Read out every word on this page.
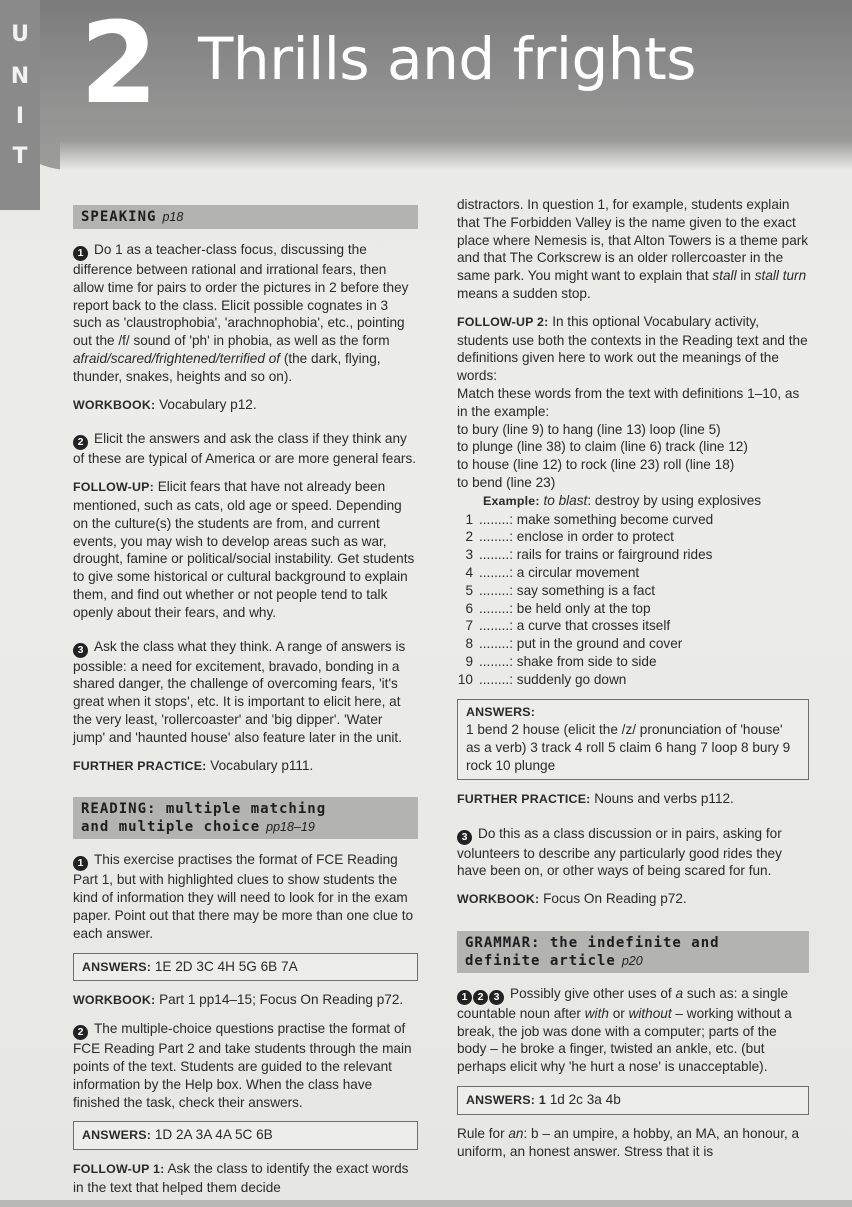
U
N
I
T
2 Thrills and frights
SPEAKING p18

1 Do 1 as a teacher-class focus, discussing the difference between rational and irrational fears, then allow time for pairs to order the pictures in 2 before they report back to the class. Elicit possible cognates in 3 such as 'claustrophobia', 'arachnophobia', etc., pointing out the /f/ sound of 'ph' in phobia, as well as the form afraid/scared/frightened/terrified of (the dark, flying, thunder, snakes, heights and so on).

WORKBOOK: Vocabulary p12.

2 Elicit the answers and ask the class if they think any of these are typical of America or are more general fears.

FOLLOW-UP: Elicit fears that have not already been mentioned, such as cats, old age or speed. Depending on the culture(s) the students are from, and current events, you may wish to develop areas such as war, drought, famine or political/social instability. Get students to give some historical or cultural background to explain them, and find out whether or not people tend to talk openly about their fears, and why.

3 Ask the class what they think. A range of answers is possible: a need for excitement, bravado, bonding in a shared danger, the challenge of overcoming fears, 'it's great when it stops', etc. It is important to elicit here, at the very least, 'rollercoaster' and 'big dipper'. 'Water jump' and 'haunted house' also feature later in the unit.

FURTHER PRACTICE: Vocabulary p111.

READING: multiple matching
and multiple choice pp18–19

1 This exercise practises the format of FCE Reading Part 1, but with highlighted clues to show students the kind of information they will need to look for in the exam paper. Point out that there may be more than one clue to each answer.

ANSWERS: 1E 2D 3C 4H 5G 6B 7A

WORKBOOK: Part 1 pp14–15; Focus On Reading p72.

2 The multiple-choice questions practise the format of FCE Reading Part 2 and take students through the main points of the text. Students are guided to the relevant information by the Help box. When the class have finished the task, check their answers.

ANSWERS: 1D 2A 3A 4A 5C 6B

FOLLOW-UP 1: Ask the class to identify the exact words in the text that helped them decide

distractors. In question 1, for example, students explain that The Forbidden Valley is the name given to the exact place where Nemesis is, that Alton Towers is a theme park and that The Corkscrew is an older rollercoaster in the same park. You might want to explain that stall in stall turn means a sudden stop.

FOLLOW-UP 2: In this optional Vocabulary activity, students use both the contexts in the Reading text and the definitions given here to work out the meanings of the words:

Match these words from the text with definitions 1–10, as in the example:

to bury (line 9) to hang (line 13) loop (line 5)

to plunge (line 38) to claim (line 6) track (line 12)

to house (line 12) to rock (line 23) roll (line 18)

to bend (line 23)

Example: to blast: destroy by using explosives

1 ........: make something become curved
2 ........: enclose in order to protect
3 ........: rails for trains or fairground rides
4 ........: a circular movement
5 ........: say something is a fact
6 ........: be held only at the top
7 ........: a curve that crosses itself
8 ........: put in the ground and cover
9 ........: shake from side to side
10 ........: suddenly go down
ANSWERS:
1 bend 2 house (elicit the /z/ pronunciation of 'house' as a verb) 3 track 4 roll 5 claim 6 hang 7 loop 8 bury 9 rock 10 plunge

FURTHER PRACTICE: Nouns and verbs p112.

3 Do this as a class discussion or in pairs, asking for volunteers to describe any particularly good rides they have been on, or other ways of being scared for fun.

WORKBOOK: Focus On Reading p72.

GRAMMAR: the indefinite and
definite article p20

1 2 3 Possibly give other uses of a such as: a single countable noun after with or without – working without a break, the job was done with a computer; parts of the body – he broke a finger, twisted an ankle, etc. (but perhaps elicit why 'he hurt a nose' is unacceptable).

ANSWERS: 1 1d 2c 3a 4b

Rule for an: b – an umpire, a hobby, an MA, an honour, a uniform, an honest answer. Stress that it is
